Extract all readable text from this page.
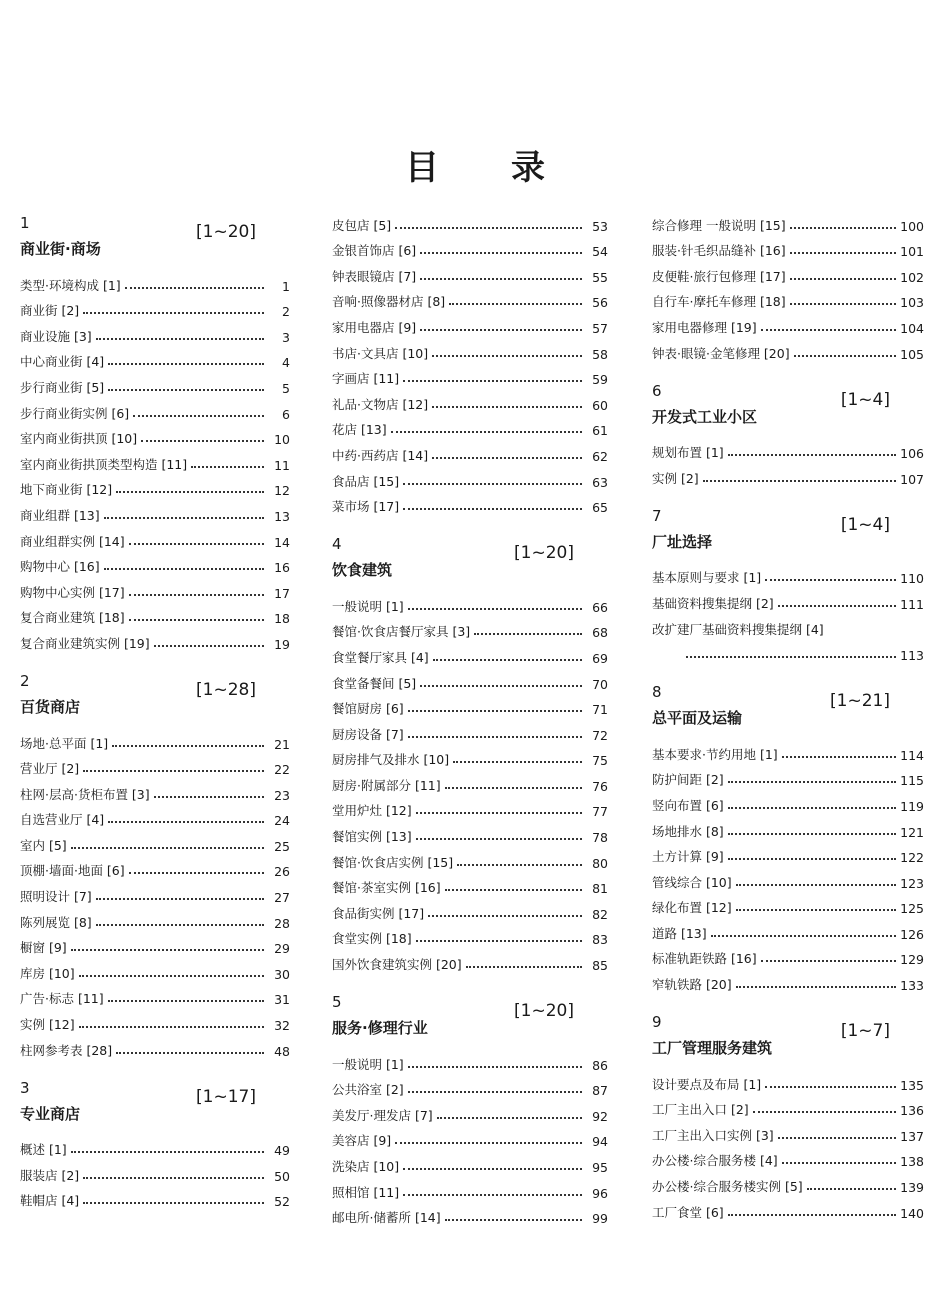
目录
1
商业街·商场
[1~20]
类型·环境构成 [1]	1
商业街 [2]	2
商业设施 [3]	3
中心商业街 [4]	4
步行商业街 [5]	5
步行商业街实例 [6]	6
室内商业街拱顶 [10]	10
室内商业街拱顶类型构造 [11]	11
地下商业街 [12]	12
商业组群 [13]	13
商业组群实例 [14]	14
购物中心 [16]	16
购物中心实例 [17]	17
复合商业建筑 [18]	18
复合商业建筑实例 [19]	19
2
百货商店
[1~28]
场地·总平面 [1]	21
营业厅 [2]	22
柱网·层高·货柜布置 [3]	23
自选营业厅 [4]	24
室内 [5]	25
顶棚·墙面·地面 [6]	26
照明设计 [7]	27
陈列展览 [8]	28
橱窗 [9]	29
库房 [10]	30
广告·标志 [11]	31
实例 [12]	32
柱网参考表 [28]	48
3
专业商店
[1~17]
概述 [1]	49
服装店 [2]	50
鞋帽店 [4]	52
皮包店 [5]	53
金银首饰店 [6]	54
钟表眼镜店 [7]	55
音响·照像器材店 [8]	56
家用电器店 [9]	57
书店·文具店 [10]	58
字画店 [11]	59
礼品·文物店 [12]	60
花店 [13]	61
中药·西药店 [14]	62
食品店 [15]	63
菜市场 [17]	65
4
饮食建筑
[1~20]
一般说明 [1]	66
餐馆·饮食店餐厅家具 [3]	68
食堂餐厅家具 [4]	69
食堂备餐间 [5]	70
餐馆厨房 [6]	71
厨房设备 [7]	72
厨房排气及排水 [10]	75
厨房·附属部分 [11]	76
堂用炉灶 [12]	77
餐馆实例 [13]	78
餐馆·饮食店实例 [15]	80
餐馆·茶室实例 [16]	81
食品街实例 [17]	82
食堂实例 [18]	83
国外饮食建筑实例 [20]	85
5
服务·修理行业
[1~20]
一般说明 [1]	86
公共浴室 [2]	87
美发厅·理发店 [7]	92
美容店 [9]	94
洗染店 [10]	95
照相馆 [11]	96
邮电所·储蓄所 [14]	99
综合修理 一般说明 [15]	100
服装·针毛织品缝补 [16]	101
皮便鞋·旅行包修理 [17]	102
自行车·摩托车修理 [18]	103
家用电器修理 [19]	104
钟表·眼镜·金笔修理 [20]	105
6
开发式工业小区
[1~4]
规划布置 [1]	106
实例 [2]	107
7
厂址选择
[1~4]
基本原则与要求 [1]	110
基础资料搜集提纲 [2]	111
改扩建厂基础资料搜集提纲 [4]
113
8
总平面及运输
[1~21]
基本要求·节约用地 [1]	114
防护间距 [2]	115
竖向布置 [6]	119
场地排水 [8]	121
土方计算 [9]	122
管线综合 [10]	123
绿化布置 [12]	125
道路 [13]	126
标准轨距铁路 [16]	129
窄轨铁路 [20]	133
9
工厂管理服务建筑
[1~7]
设计要点及布局 [1]	135
工厂主出入口 [2]	136
工厂主出入口实例 [3]	137
办公楼·综合服务楼 [4]	138
办公楼·综合服务楼实例 [5]	139
工厂食堂 [6]	140
